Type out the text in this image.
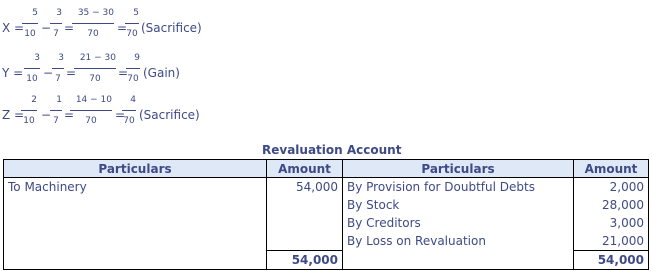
X =
5
10 −
3
7 =
35 − 30
70	=
5
70 (Sacrifice)
Y =
3
10 −
3
7 =
21 − 30
70	=
9
70 (Gain)
Z =
2
10 −
1
7 =
14 − 10
70	=
4
70 (Sacrifice)
Revaluation Account
Particulars	Amount	Particulars	Amount
To Machinery	54,000	By Provision for Doubtful Debts	2,000
		By Stock	28,000
		By Creditors	3,000
		By Loss on Revaluation	21,000
	54,000		54,000
